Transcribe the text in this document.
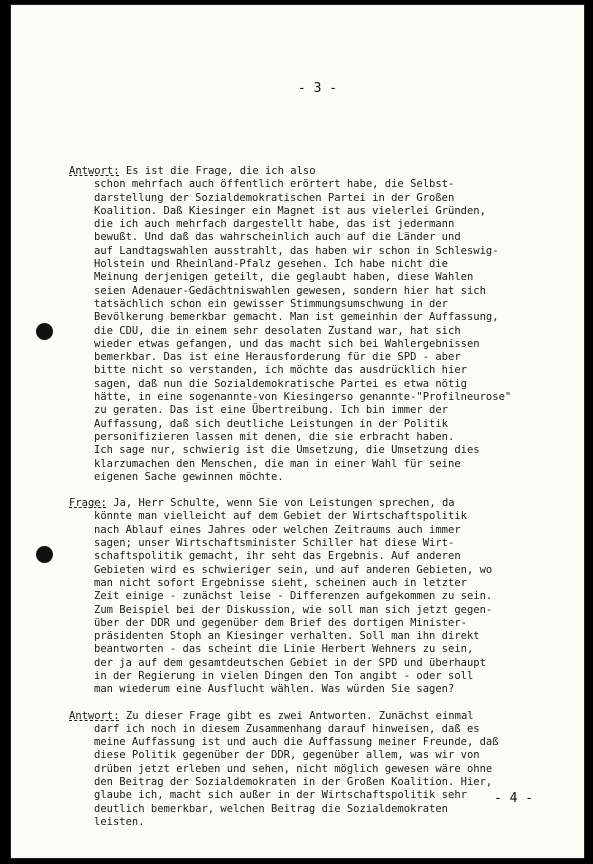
- 3 -
Antwort: Es ist die Frage, die ich also
schon mehrfach auch öffentlich erörtert habe, die Selbst-
darstellung der Sozialdemokratischen Partei in der Großen
Koalition. Daß Kiesinger ein Magnet ist aus vielerlei Gründen,
die ich auch mehrfach dargestellt habe, das ist jedermann
bewußt. Und daß das wahrscheinlich auch auf die Länder und
auf Landtagswahlen ausstrahlt, das haben wir schon in Schleswig-
Holstein und Rheinland-Pfalz gesehen. Ich habe nicht die
Meinung derjenigen geteilt, die geglaubt haben, diese Wahlen
seien Adenauer-Gedächtniswahlen gewesen, sondern hier hat sich
tatsächlich schon ein gewisser Stimmungsumschwung in der
Bevölkerung bemerkbar gemacht. Man ist gemeinhin der Auffassung,
die CDU, die in einem sehr desolaten Zustand war, hat sich
wieder etwas gefangen, und das macht sich bei Wahlergebnissen
bemerkbar. Das ist eine Herausforderung für die SPD - aber
bitte nicht so verstanden, ich möchte das ausdrücklich hier
sagen, daß nun die Sozialdemokratische Partei es etwa nötig
hätte, in eine sogenannte-von Kiesingerso genannte-"Profilneurose"
zu geraten. Das ist eine Übertreibung. Ich bin immer der
Auffassung, daß sich deutliche Leistungen in der Politik
personifizieren lassen mit denen, die sie erbracht haben.
Ich sage nur, schwierig ist die Umsetzung, die Umsetzung dies
klarzumachen den Menschen, die man in einer Wahl für seine
eigenen Sache gewinnen möchte.
Frage: Ja, Herr Schulte, wenn Sie von Leistungen sprechen, da
könnte man vielleicht auf dem Gebiet der Wirtschaftspolitik
nach Ablauf eines Jahres oder welchen Zeitraums auch immer
sagen; unser Wirtschaftsminister Schiller hat diese Wirt-
schaftspolitik gemacht, ihr seht das Ergebnis. Auf anderen
Gebieten wird es schwieriger sein, und auf anderen Gebieten, wo
man nicht sofort Ergebnisse sieht, scheinen auch in letzter
Zeit einige - zunächst leise - Differenzen aufgekommen zu sein.
Zum Beispiel bei der Diskussion, wie soll man sich jetzt gegen-
über der DDR und gegenüber dem Brief des dortigen Minister-
präsidenten Stoph an Kiesinger verhalten. Soll man ihn direkt
beantworten - das scheint die Linie Herbert Wehners zu sein,
der ja auf dem gesamtdeutschen Gebiet in der SPD und überhaupt
in der Regierung in vielen Dingen den Ton angibt - oder soll
man wiederum eine Ausflucht wählen. Was würden Sie sagen?
Antwort: Zu dieser Frage gibt es zwei Antworten. Zunächst einmal
darf ich noch in diesem Zusammenhang darauf hinweisen, daß es
meine Auffassung ist und auch die Auffassung meiner Freunde, daß
diese Politik gegenüber der DDR, gegenüber allem, was wir von
drüben jetzt erleben und sehen, nicht möglich gewesen wäre ohne
den Beitrag der Sozialdemokraten in der Großen Koalition. Hier,
glaube ich, macht sich außer in der Wirtschaftspolitik sehr
deutlich bemerkbar, welchen Beitrag die Sozialdemokraten
leisten.
- 4 -
